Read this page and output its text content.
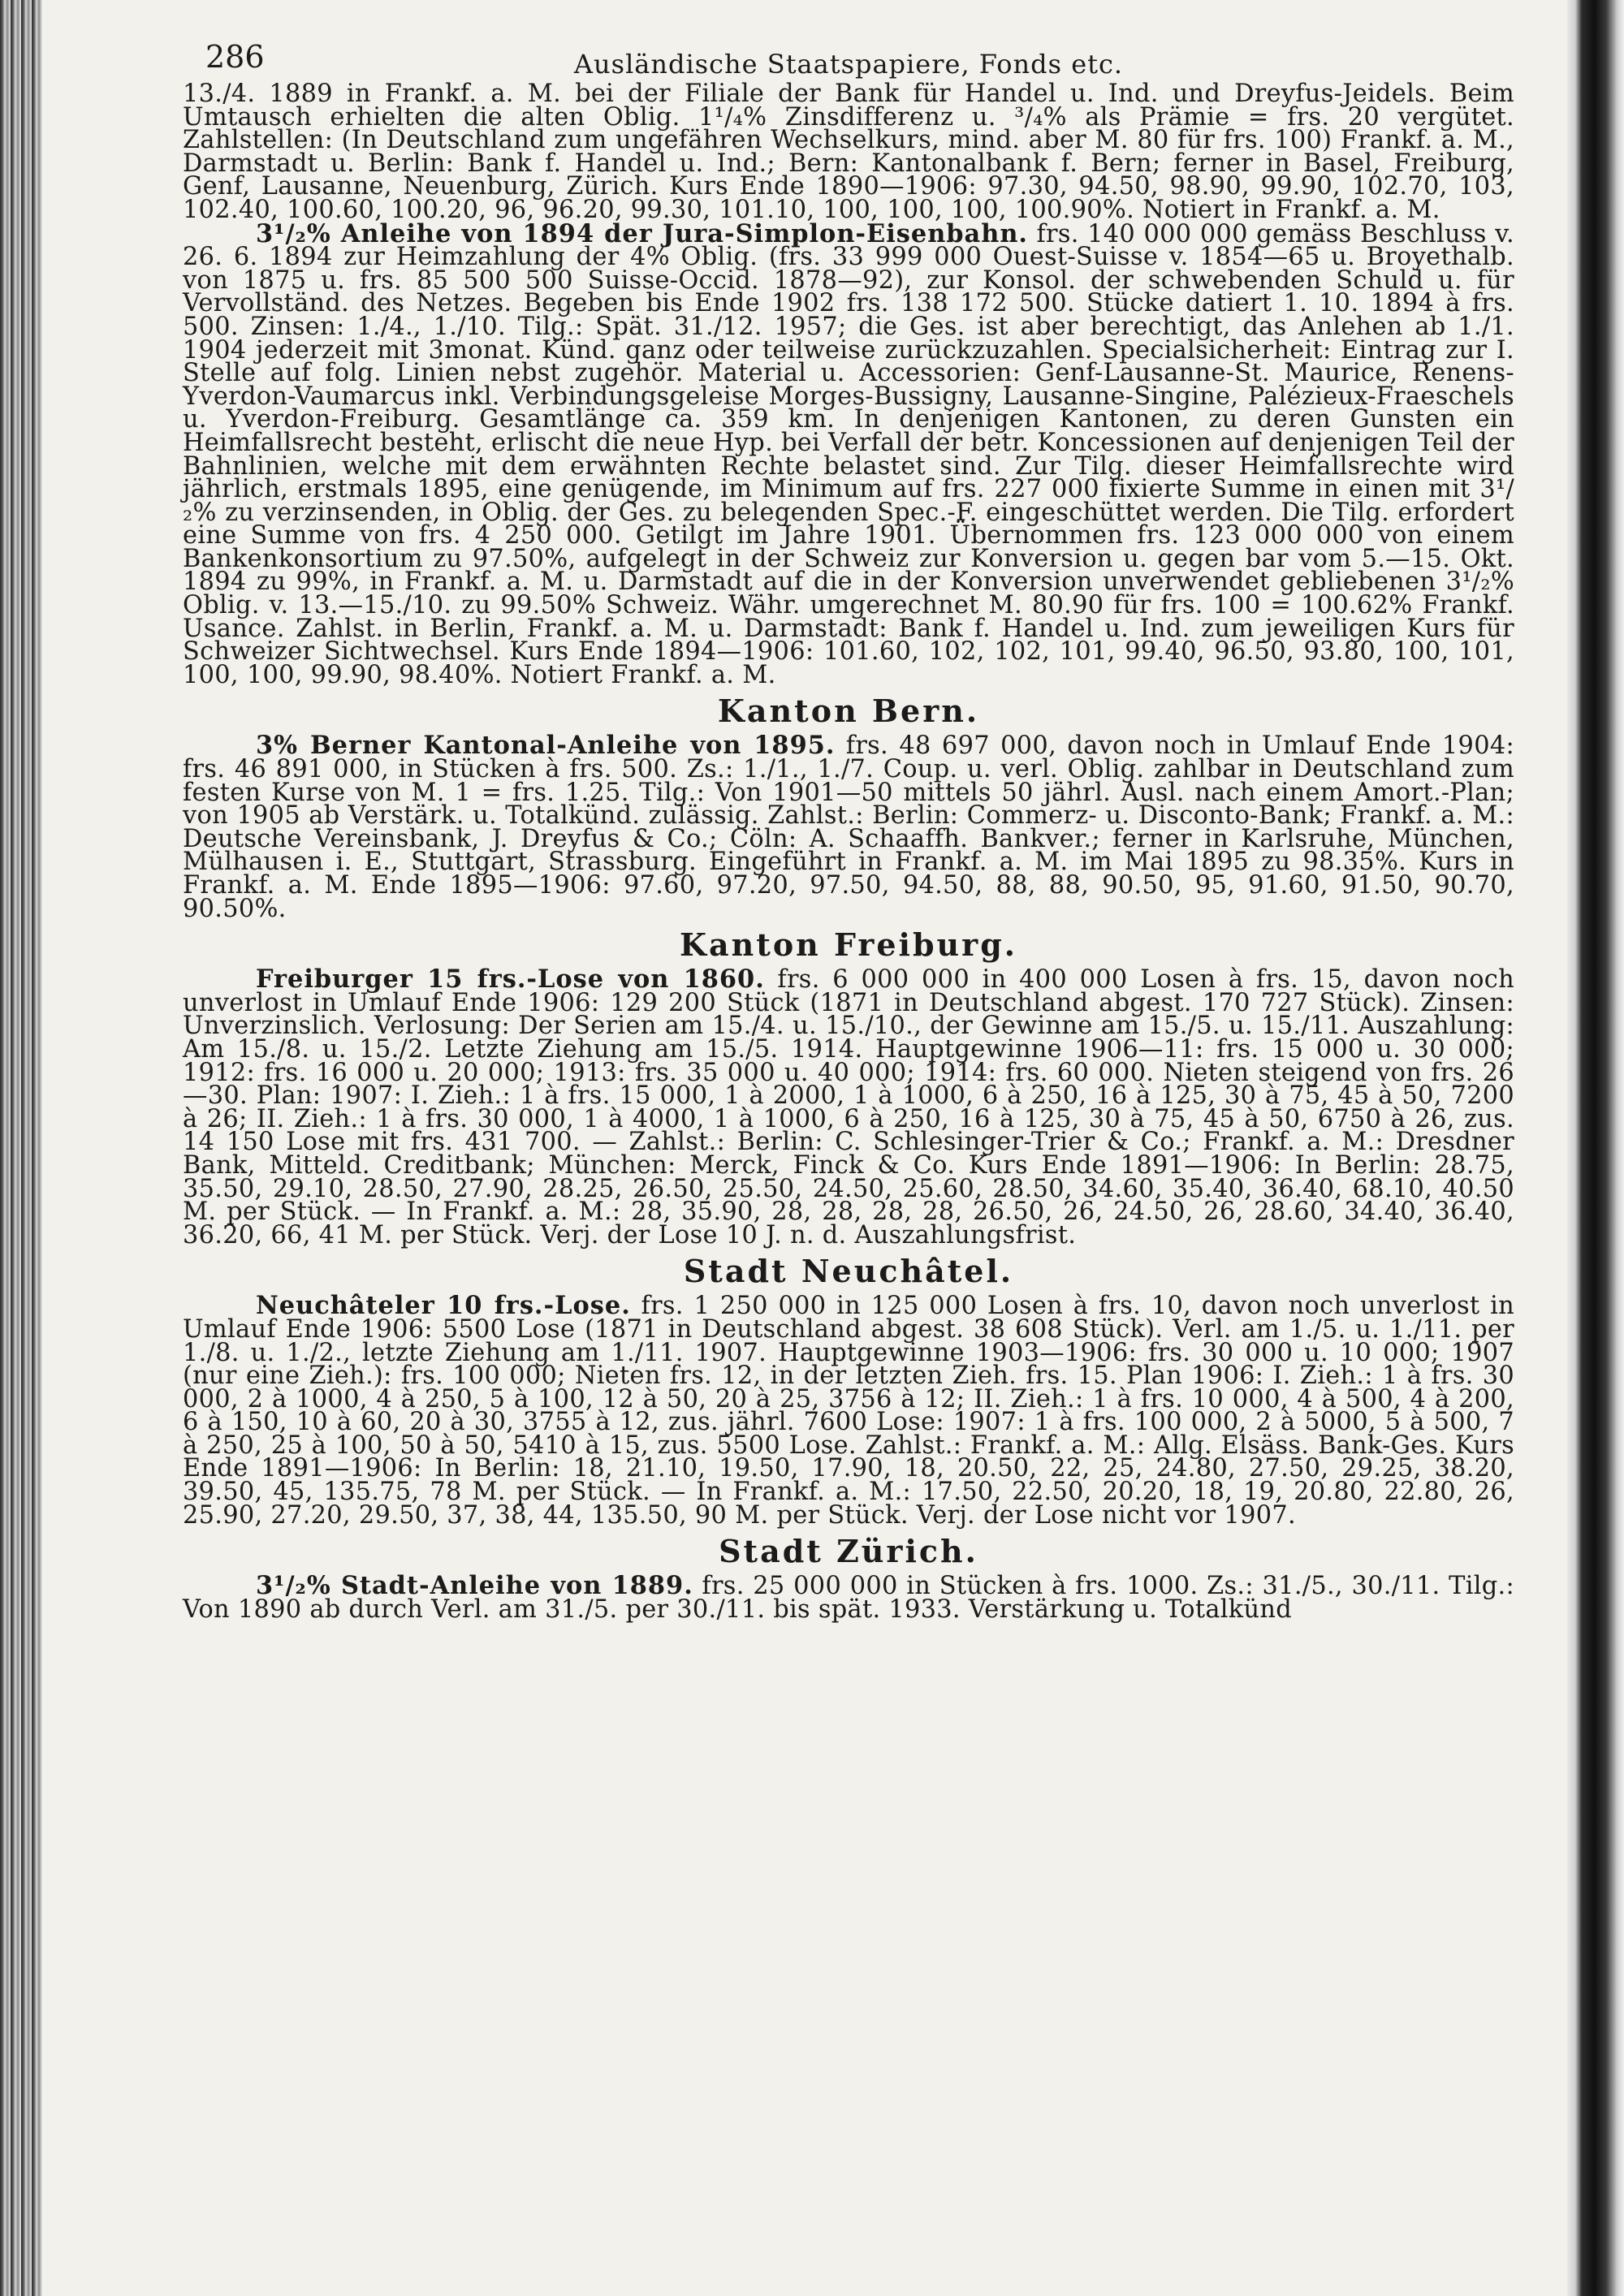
286	Ausländische Staatspapiere, Fonds etc.

13./4. 1889 in Frankf. a. M. bei der Filiale der Bank für Handel u. Ind. und Dreyfus-Jeidels. Beim Umtausch erhielten die alten Oblig. 1¹/₄% Zinsdifferenz u. ³/₄% als Prämie = frs. 20 vergütet. Zahlstellen: (In Deutschland zum ungefähren Wechselkurs, mind. aber M. 80 für frs. 100) Frankf. a. M., Darmstadt u. Berlin: Bank f. Handel u. Ind.; Bern: Kantonalbank f. Bern; ferner in Basel, Freiburg, Genf, Lausanne, Neuenburg, Zürich. Kurs Ende 1890—1906: 97.30, 94.50, 98.90, 99.90, 102.70, 103, 102.40, 100.60, 100.20, 96, 96.20, 99.30, 101.10, 100, 100, 100, 100.90%. Notiert in Frankf. a. M.

3¹/₂% Anleihe von 1894 der Jura-Simplon-Eisenbahn. frs. 140 000 000 gemäss Beschluss v. 26. 6. 1894 zur Heimzahlung der 4% Oblig. (frs. 33 999 000 Ouest-Suisse v. 1854—65 u. Broyethalb. von 1875 u. frs. 85 500 500 Suisse-Occid. 1878—92), zur Konsol. der schwebenden Schuld u. für Vervollständ. des Netzes. Begeben bis Ende 1902 frs. 138 172 500. Stücke datiert 1. 10. 1894 à frs. 500. Zinsen: 1./4., 1./10. Tilg.: Spät. 31./12. 1957; die Ges. ist aber berechtigt, das Anlehen ab 1./1. 1904 jederzeit mit 3monat. Künd. ganz oder teilweise zurückzuzahlen. Specialsicherheit: Eintrag zur I. Stelle auf folg. Linien nebst zugehör. Material u. Accessorien: Genf-Lausanne-St. Maurice, Renens-Yverdon-Vaumarcus inkl. Verbindungsgeleise Morges-Bussigny, Lausanne-Singine, Palézieux-Fraeschels u. Yverdon-Freiburg. Gesamtlänge ca. 359 km. In denjenigen Kantonen, zu deren Gunsten ein Heimfallsrecht besteht, erlischt die neue Hyp. bei Verfall der betr. Koncessionen auf denjenigen Teil der Bahnlinien, welche mit dem erwähnten Rechte belastet sind. Zur Tilg. dieser Heimfallsrechte wird jährlich, erstmals 1895, eine genügende, im Minimum auf frs. 227 000 fixierte Summe in einen mit 3¹/₂% zu verzinsenden, in Oblig. der Ges. zu belegenden Spec.-F. eingeschüttet werden. Die Tilg. erfordert eine Summe von frs. 4 250 000. Getilgt im Jahre 1901. Übernommen frs. 123 000 000 von einem Bankenkonsortium zu 97.50%, aufgelegt in der Schweiz zur Konversion u. gegen bar vom 5.—15. Okt. 1894 zu 99%, in Frankf. a. M. u. Darmstadt auf die in der Konversion unverwendet gebliebenen 3¹/₂% Oblig. v. 13.—15./10. zu 99.50% Schweiz. Währ. umgerechnet M. 80.90 für frs. 100 = 100.62% Frankf. Usance. Zahlst. in Berlin, Frankf. a. M. u. Darmstadt: Bank f. Handel u. Ind. zum jeweiligen Kurs für Schweizer Sichtwechsel. Kurs Ende 1894—1906: 101.60, 102, 102, 101, 99.40, 96.50, 93.80, 100, 101, 100, 100, 99.90, 98.40%. Notiert Frankf. a. M.

Kanton Bern.

3% Berner Kantonal-Anleihe von 1895. frs. 48 697 000, davon noch in Umlauf Ende 1904: frs. 46 891 000, in Stücken à frs. 500. Zs.: 1./1., 1./7. Coup. u. verl. Oblig. zahlbar in Deutschland zum festen Kurse von M. 1 = frs. 1.25. Tilg.: Von 1901—50 mittels 50 jährl. Ausl. nach einem Amort.-Plan; von 1905 ab Verstärk. u. Totalkünd. zulässig. Zahlst.: Berlin: Commerz- u. Disconto-Bank; Frankf. a. M.: Deutsche Vereinsbank, J. Dreyfus & Co.; Cöln: A. Schaaffh. Bankver.; ferner in Karlsruhe, München, Mülhausen i. E., Stuttgart, Strassburg. Eingeführt in Frankf. a. M. im Mai 1895 zu 98.35%. Kurs in Frankf. a. M. Ende 1895—1906: 97.60, 97.20, 97.50, 94.50, 88, 88, 90.50, 95, 91.60, 91.50, 90.70, 90.50%.

Kanton Freiburg.

Freiburger 15 frs.-Lose von 1860. frs. 6 000 000 in 400 000 Losen à frs. 15, davon noch unverlost in Umlauf Ende 1906: 129 200 Stück (1871 in Deutschland abgest. 170 727 Stück). Zinsen: Unverzinslich. Verlosung: Der Serien am 15./4. u. 15./10., der Gewinne am 15./5. u. 15./11. Auszahlung: Am 15./8. u. 15./2. Letzte Ziehung am 15./5. 1914. Hauptgewinne 1906—11: frs. 15 000 u. 30 000; 1912: frs. 16 000 u. 20 000; 1913: frs. 35 000 u. 40 000; 1914: frs. 60 000. Nieten steigend von frs. 26—30. Plan: 1907: I. Zieh.: 1 à frs. 15 000, 1 à 2000, 1 à 1000, 6 à 250, 16 à 125, 30 à 75, 45 à 50, 7200 à 26; II. Zieh.: 1 à frs. 30 000, 1 à 4000, 1 à 1000, 6 à 250, 16 à 125, 30 à 75, 45 à 50, 6750 à 26, zus. 14 150 Lose mit frs. 431 700. — Zahlst.: Berlin: C. Schlesinger-Trier & Co.; Frankf. a. M.: Dresdner Bank, Mitteld. Creditbank; München: Merck, Finck & Co. Kurs Ende 1891—1906: In Berlin: 28.75, 35.50, 29.10, 28.50, 27.90, 28.25, 26.50, 25.50, 24.50, 25.60, 28.50, 34.60, 35.40, 36.40, 68.10, 40.50 M. per Stück. — In Frankf. a. M.: 28, 35.90, 28, 28, 28, 28, 26.50, 26, 24.50, 26, 28.60, 34.40, 36.40, 36.20, 66, 41 M. per Stück. Verj. der Lose 10 J. n. d. Auszahlungsfrist.

Stadt Neuchâtel.

Neuchâteler 10 frs.-Lose. frs. 1 250 000 in 125 000 Losen à frs. 10, davon noch unverlost in Umlauf Ende 1906: 5500 Lose (1871 in Deutschland abgest. 38 608 Stück). Verl. am 1./5. u. 1./11. per 1./8. u. 1./2., letzte Ziehung am 1./11. 1907. Hauptgewinne 1903—1906: frs. 30 000 u. 10 000; 1907 (nur eine Zieh.): frs. 100 000; Nieten frs. 12, in der letzten Zieh. frs. 15. Plan 1906: I. Zieh.: 1 à frs. 30 000, 2 à 1000, 4 à 250, 5 à 100, 12 à 50, 20 à 25, 3756 à 12; II. Zieh.: 1 à frs. 10 000, 4 à 500, 4 à 200, 6 à 150, 10 à 60, 20 à 30, 3755 à 12, zus. jährl. 7600 Lose: 1907: 1 à frs. 100 000, 2 à 5000, 5 à 500, 7 à 250, 25 à 100, 50 à 50, 5410 à 15, zus. 5500 Lose. Zahlst.: Frankf. a. M.: Allg. Elsäss. Bank-Ges. Kurs Ende 1891—1906: In Berlin: 18, 21.10, 19.50, 17.90, 18, 20.50, 22, 25, 24.80, 27.50, 29.25, 38.20, 39.50, 45, 135.75, 78 M. per Stück. — In Frankf. a. M.: 17.50, 22.50, 20.20, 18, 19, 20.80, 22.80, 26, 25.90, 27.20, 29.50, 37, 38, 44, 135.50, 90 M. per Stück. Verj. der Lose nicht vor 1907.

Stadt Zürich.

3¹/₂% Stadt-Anleihe von 1889. frs. 25 000 000 in Stücken à frs. 1000. Zs.: 31./5., 30./11. Tilg.: Von 1890 ab durch Verl. am 31./5. per 30./11. bis spät. 1933. Verstärkung u. Totalkünd
